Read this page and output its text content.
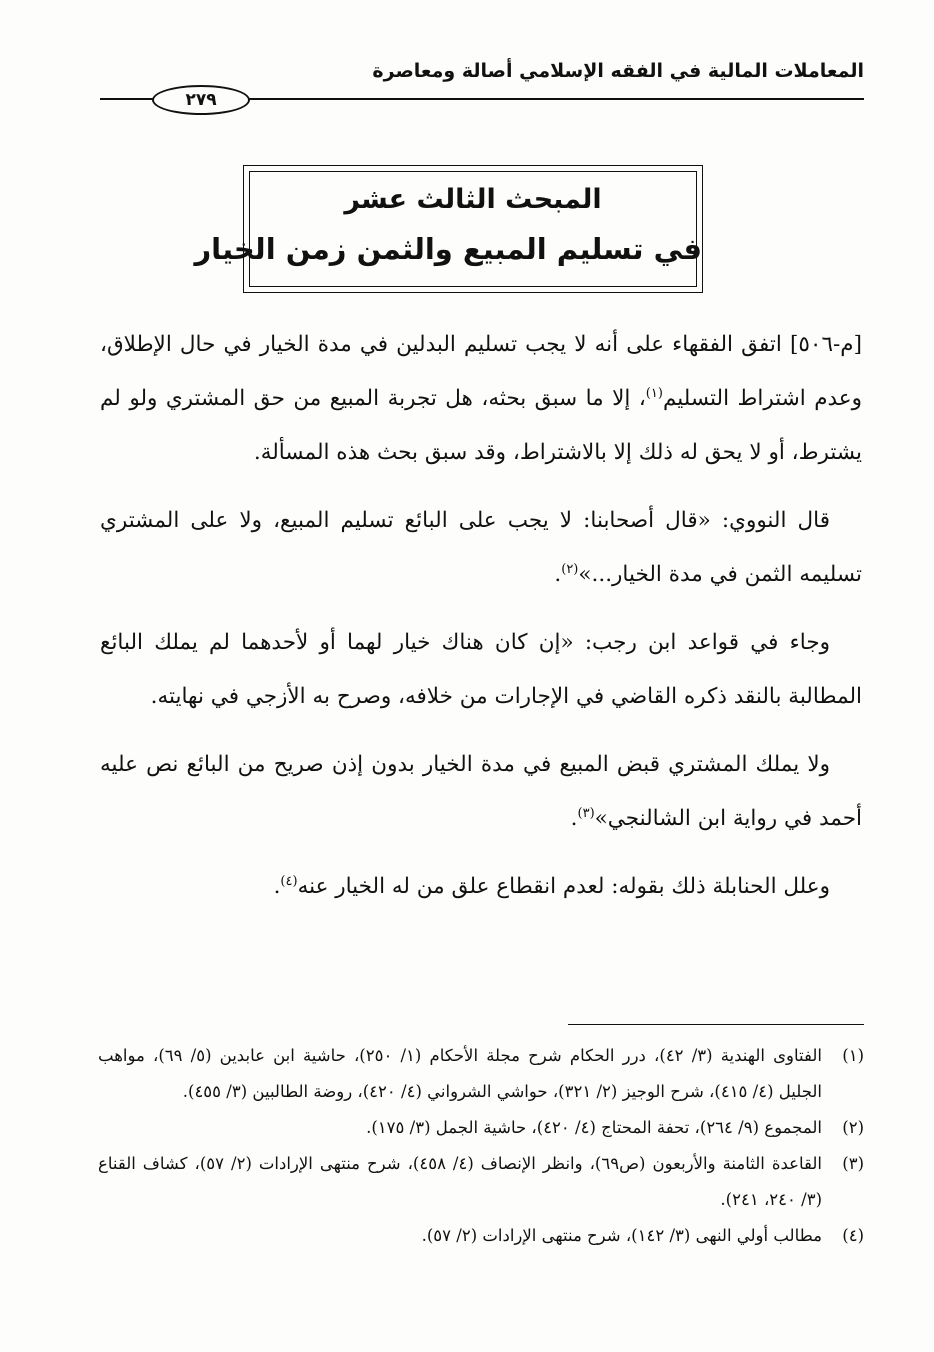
المعاملات المالية في الفقه الإسلامي أصالة ومعاصرة
٢٧٩
المبحث الثالث عشر
في تسليم المبيع والثمن زمن الخيار

[م-٥٠٦] اتفق الفقهاء على أنه لا يجب تسليم البدلين في مدة الخيار في حال الإطلاق، وعدم اشتراط التسليم$^{(١)}$، إلا ما سبق بحثه، هل تجربة المبيع من حق المشتري ولو لم يشترط، أو لا يحق له ذلك إلا بالاشتراط، وقد سبق بحث هذه المسألة.

قال النووي: «قال أصحابنا: لا يجب على البائع تسليم المبيع، ولا على المشتري تسليمه الثمن في مدة الخيار...»$^{(٢)}$.

وجاء في قواعد ابن رجب: «إن كان هناك خيار لهما أو لأحدهما لم يملك البائع المطالبة بالنقد ذكره القاضي في الإجارات من خلافه، وصرح به الأزجي في نهايته.

ولا يملك المشتري قبض المبيع في مدة الخيار بدون إذن صريح من البائع نص عليه أحمد في رواية ابن الشالنجي»$^{(٣)}$.

وعلل الحنابلة ذلك بقوله: لعدم انقطاع علق من له الخيار عنه$^{(٤)}$.

(١)
الفتاوى الهندية (٣/ ٤٢)، درر الحكام شرح مجلة الأحكام (١/ ٢٥٠)، حاشية ابن عابدين (٥/ ٦٩)، مواهب الجليل (٤/ ٤١٥)، شرح الوجيز (٢/ ٣٢١)، حواشي الشرواني (٤/ ٤٢٠)، روضة الطالبين (٣/ ٤٥٥).
(٢)
المجموع (٩/ ٢٦٤)، تحفة المحتاج (٤/ ٤٢٠)، حاشية الجمل (٣/ ١٧٥).
(٣)
القاعدة الثامنة والأربعون (ص٦٩)، وانظر الإنصاف (٤/ ٤٥٨)، شرح منتهى الإرادات (٢/ ٥٧)، كشاف القناع (٣/ ٢٤٠، ٢٤١).
(٤)
مطالب أولي النهى (٣/ ١٤٢)، شرح منتهى الإرادات (٢/ ٥٧).
